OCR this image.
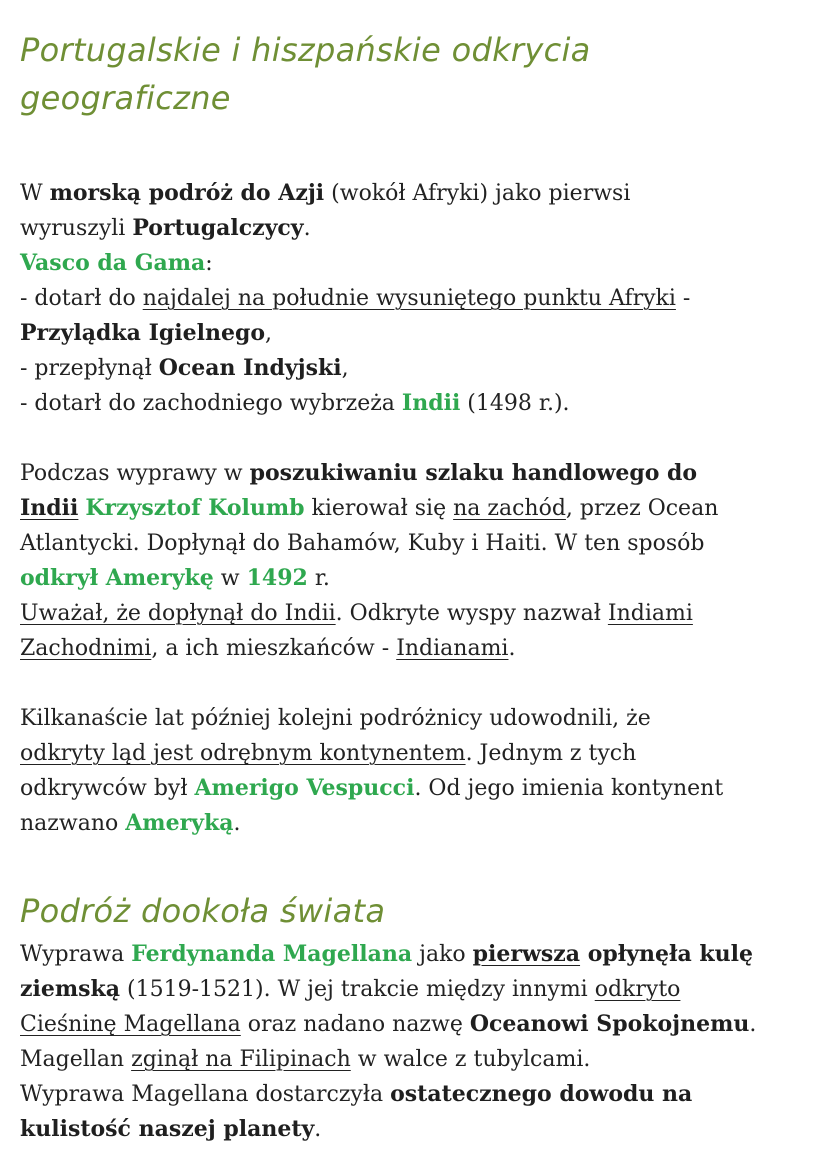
Portugalskie i hiszpańskie odkrycia geograficzne

W morską podróż do Azji (wokół Afryki) jako pierwsi
wyruszyli Portugalczycy.
Vasco da Gama:
- dotarł do najdalej na południe wysuniętego punktu Afryki -
Przylądka Igielnego,
- przepłynął Ocean Indyjski,
- dotarł do zachodniego wybrzeża Indii (1498 r.).

Podczas wyprawy w poszukiwaniu szlaku handlowego do
Indii Krzysztof Kolumb kierował się na zachód, przez Ocean
Atlantycki. Dopłynął do Bahamów, Kuby i Haiti. W ten sposób
odkrył Amerykę w 1492 r.
Uważał, że dopłynął do Indii. Odkryte wyspy nazwał Indiami
Zachodnimi, a ich mieszkańców - Indianami.

Kilkanaście lat później kolejni podróżnicy udowodnili, że
odkryty ląd jest odrębnym kontynentem. Jednym z tych
odkrywców był Amerigo Vespucci. Od jego imienia kontynent
nazwano Ameryką.

Podróż dookoła świata

Wyprawa Ferdynanda Magellana jako pierwsza opłynęła kulę
ziemską (1519-1521). W jej trakcie między innymi odkryto
Cieśninę Magellana oraz nadano nazwę Oceanowi Spokojnemu.
Magellan zginął na Filipinach w walce z tubylcami.
Wyprawa Magellana dostarczyła ostatecznego dowodu na
kulistość naszej planety.
